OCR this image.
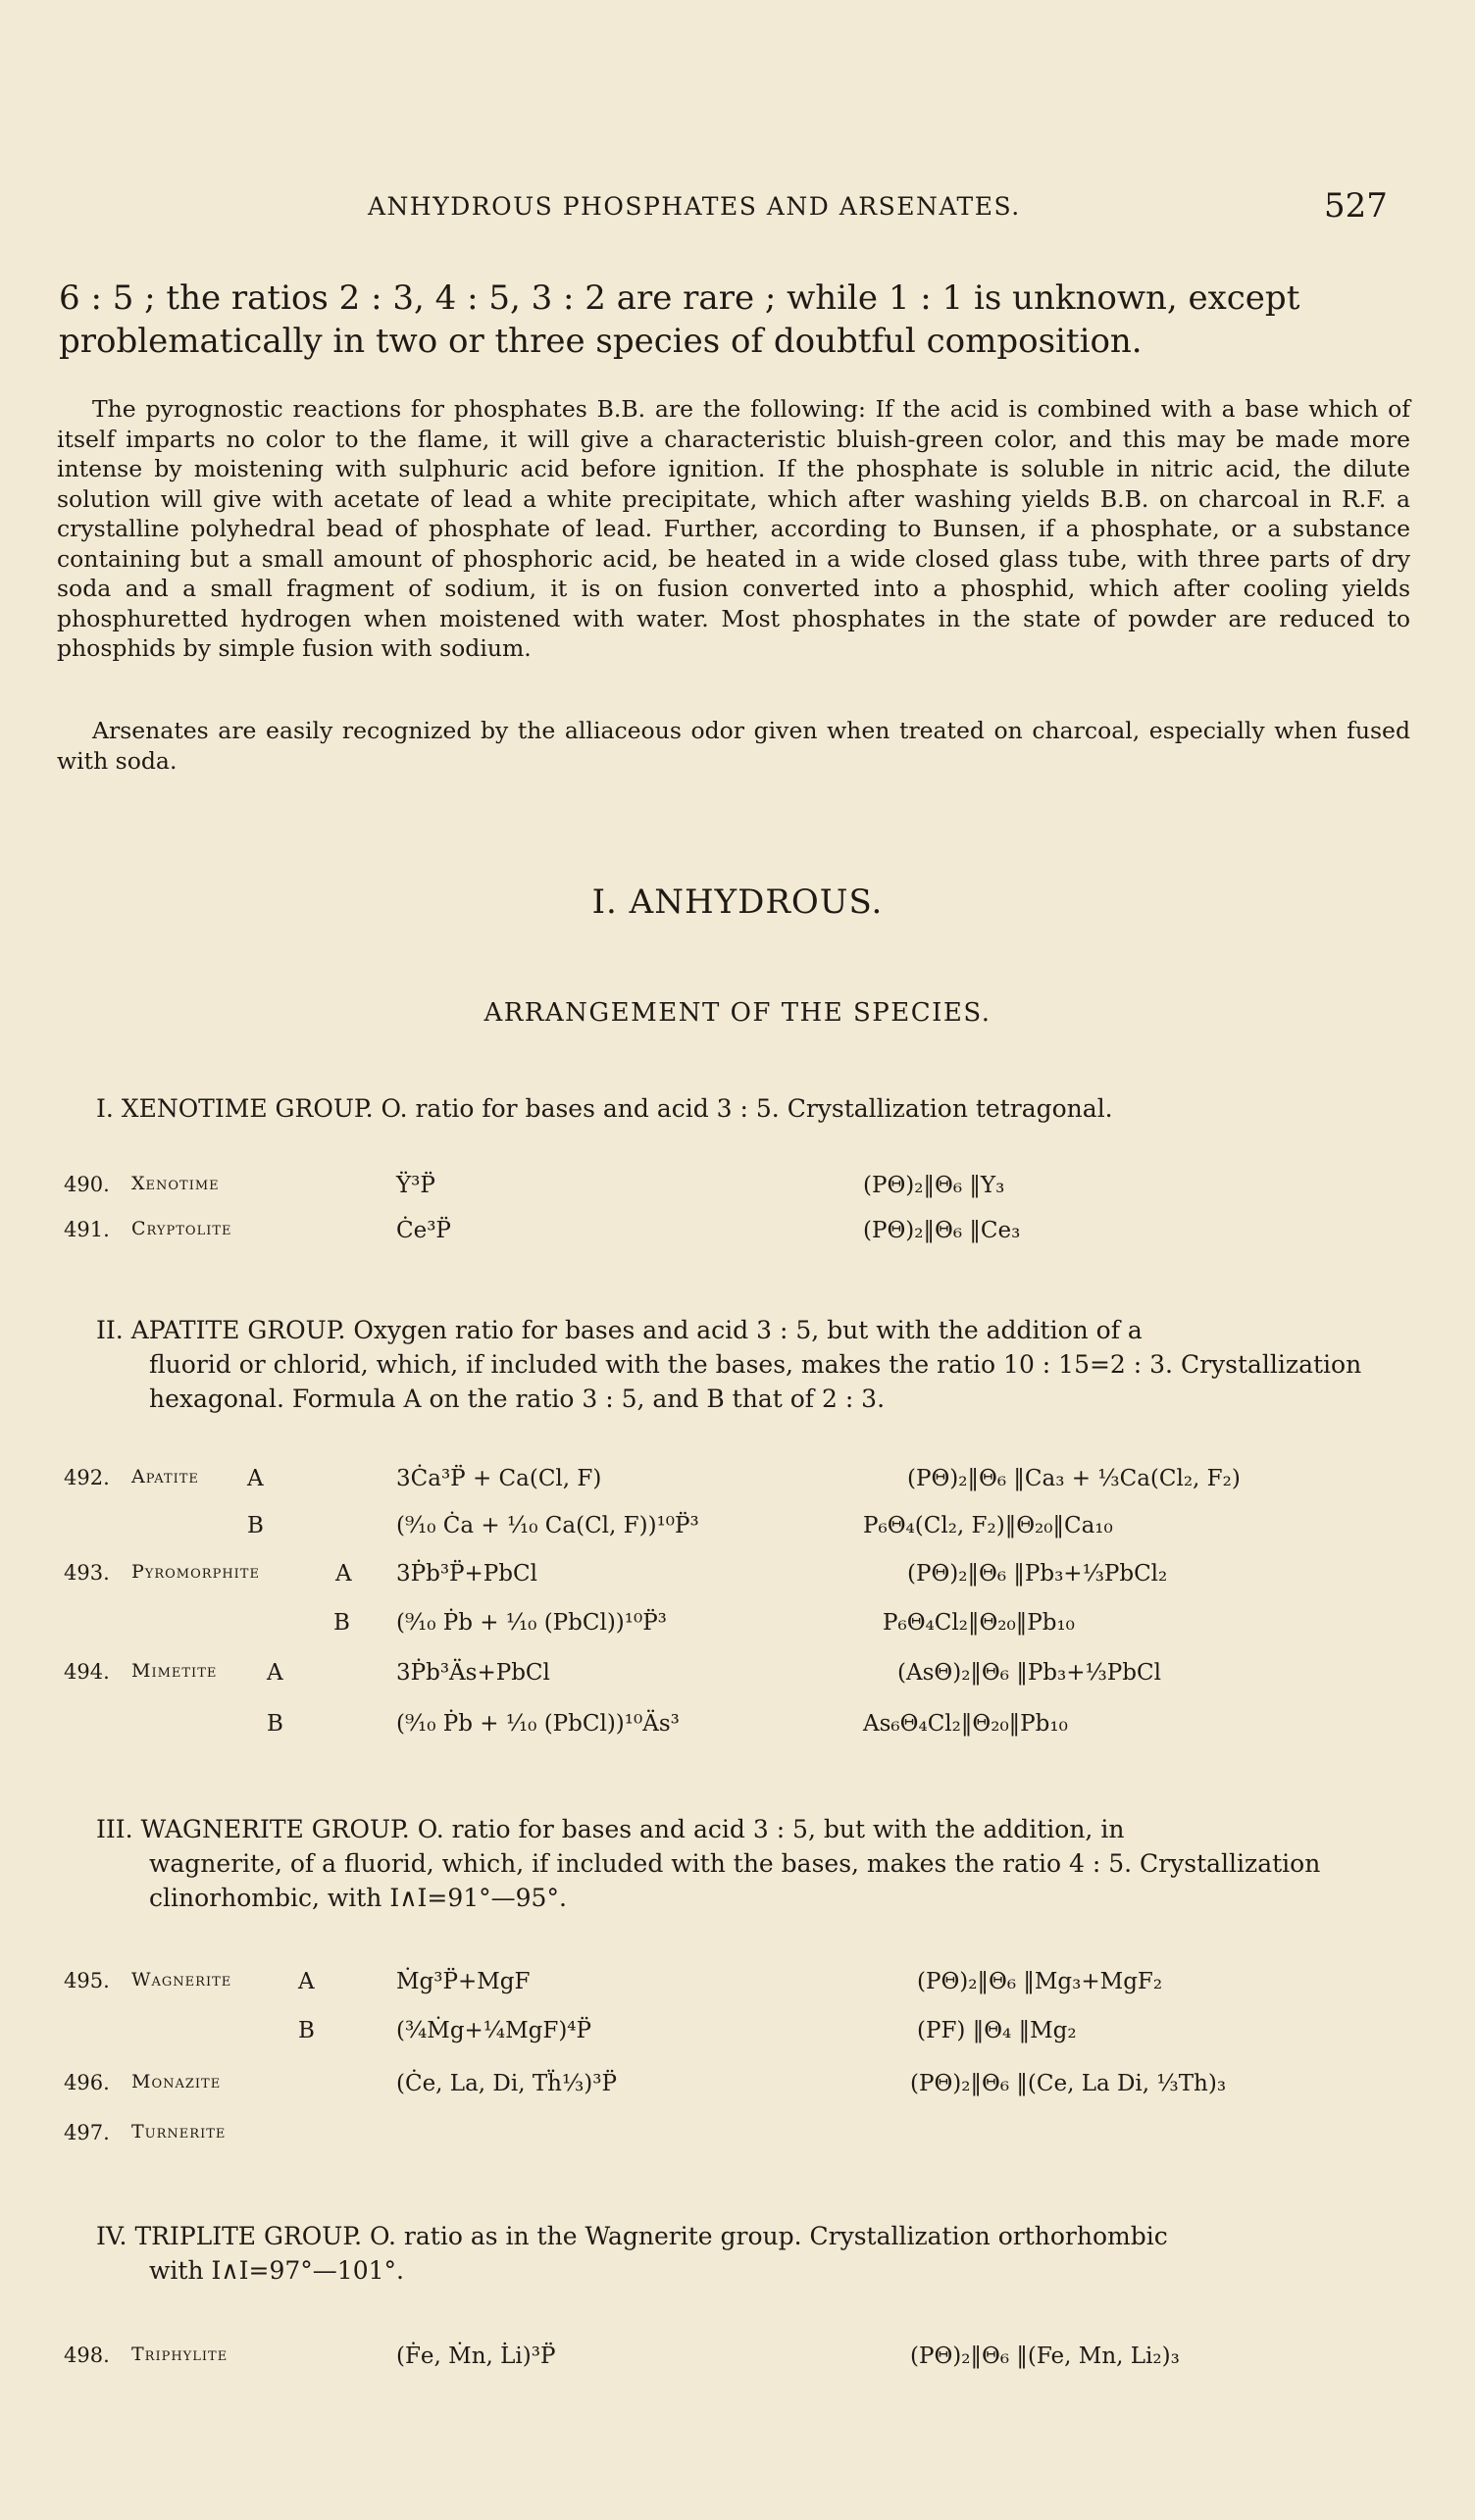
ANHYDROUS PHOSPHATES AND ARSENATES.	527
6 : 5 ; the ratios 2 : 3, 4 : 5, 3 : 2 are rare ; while 1 : 1 is unknown, except problematically in two or three species of doubtful composition.
The pyrognostic reactions for phosphates B.B. are the following: If the acid is combined with a base which of itself imparts no color to the flame, it will give a characteristic bluish-green color, and this may be made more intense by moistening with sulphuric acid before ignition. If the phosphate is soluble in nitric acid, the dilute solution will give with acetate of lead a white precipitate, which after washing yields B.B. on charcoal in R.F. a crystalline polyhedral bead of phosphate of lead. Further, according to Bunsen, if a phosphate, or a substance containing but a small amount of phosphoric acid, be heated in a wide closed glass tube, with three parts of dry soda and a small fragment of sodium, it is on fusion converted into a phosphid, which after cooling yields phosphuretted hydrogen when moistened with water. Most phosphates in the state of powder are reduced to phosphids by simple fusion with sodium.
Arsenates are easily recognized by the alliaceous odor given when treated on charcoal, especially when fused with soda.
I. ANHYDROUS.
ARRANGEMENT OF THE SPECIES.
I. XENOTIME GROUP. O. ratio for bases and acid 3 : 5. Crystallization tetragonal.
490. Xenotime	Ÿ³P̈	(PΘ)₂‖Θ₆ ‖Y₃
491. Cryptolite	Ċe³P̈	(PΘ)₂‖Θ₆ ‖Ce₃
II. APATITE GROUP. Oxygen ratio for bases and acid 3 : 5, but with the addition of a
fluorid or chlorid, which, if included with the bases, makes the ratio 10 : 15=2 : 3. Crystallization hexagonal. Formula A on the ratio 3 : 5, and B that of 2 : 3.
492. Apatite A	3Ċa³P̈ + Ca(Cl, F)	(PΘ)₂‖Θ₆ ‖Ca₃ + ⅓Ca(Cl₂, F₂)
B	(⁹⁄₁₀ Ċa + ¹⁄₁₀ Ca(Cl, F))¹⁰P̈³	P₆Θ₄(Cl₂, F₂)‖Θ₂₀‖Ca₁₀
493. Pyromorphite	A 3Ṗb³P̈+PbCl	(PΘ)₂‖Θ₆ ‖Pb₃+⅓PbCl₂
B (⁹⁄₁₀ Ṗb + ¹⁄₁₀ (PbCl))¹⁰P̈³	P₆Θ₄Cl₂‖Θ₂₀‖Pb₁₀
494. Mimetite A	3Ṗb³Äs+PbCl	(AsΘ)₂‖Θ₆ ‖Pb₃+⅓PbCl
B	(⁹⁄₁₀ Ṗb + ¹⁄₁₀ (PbCl))¹⁰Äs³	As₆Θ₄Cl₂‖Θ₂₀‖Pb₁₀
III. WAGNERITE GROUP. O. ratio for bases and acid 3 : 5, but with the addition, in
wagnerite, of a fluorid, which, if included with the bases, makes the ratio 4 : 5. Crystallization clinorhombic, with I∧I=91°—95°.
495. Wagnerite	A	Ṁg³P̈+MgF	(PΘ)₂‖Θ₆ ‖Mg₃+MgF₂
B	(¾Ṁg+¼MgF)⁴P̈	(PF) ‖Θ₄ ‖Mg₂
496. Monazite	(Ċe, La, Di, Tḧ⅓)³P̈	(PΘ)₂‖Θ₆ ‖(Ce, La Di, ⅓Th)₃
497. Turnerite
IV. TRIPLITE GROUP. O. ratio as in the Wagnerite group. Crystallization orthorhombic
with I∧I=97°—101°.
498. Triphylite	(Ḟe, Ṁn, L̇i)³P̈	(PΘ)₂‖Θ₆ ‖(Fe, Mn, Li₂)₃
